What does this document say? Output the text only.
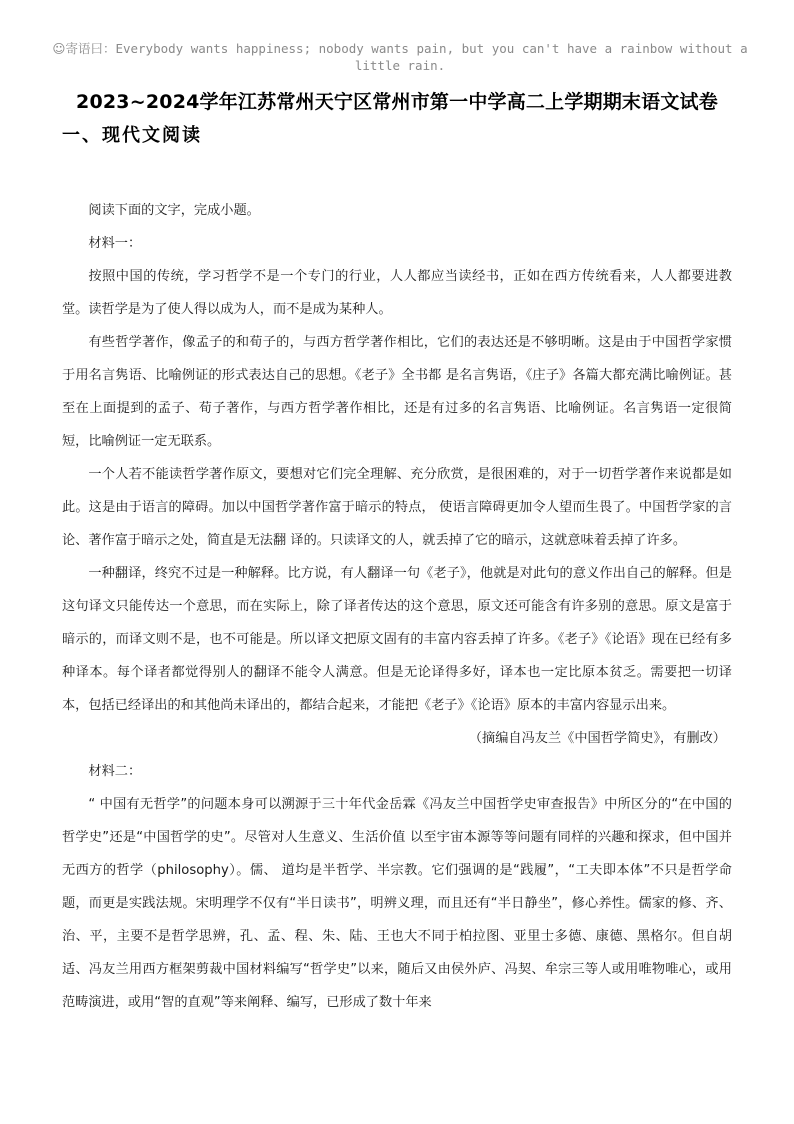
☺寄语曰：Everybody wants happiness; nobody wants pain, but you can't have a rainbow without a little rain.
2023~2024学年江苏常州天宁区常州市第一中学高二上学期期末语文试卷
一、现代文阅读

阅读下面的文字，完成小题。

材料一：

按照中国的传统，学习哲学不是一个专门的行业，人人都应当读经书，正如在西方传统看来，人人都要进教堂。读哲学是为了使人得以成为人，而不是成为某种人。

有些哲学著作，像孟子的和荀子的，与西方哲学著作相比，它们的表达还是不够明晰。这是由于中国哲学家惯于用名言隽语、比喻例证的形式表达自己的思想。《老子》全书都 是名言隽语，《庄子》各篇大都充满比喻例证。甚至在上面提到的孟子、荀子著作，与西方哲学著作相比，还是有过多的名言隽语、比喻例证。名言隽语一定很简短，比喻例证一定无联系。

一个人若不能读哲学著作原文，要想对它们完全理解、充分欣赏，是很困难的，对于一切哲学著作来说都是如此。这是由于语言的障碍。加以中国哲学著作富于暗示的特点， 使语言障碍更加令人望而生畏了。中国哲学家的言论、著作富于暗示之处，简直是无法翻 译的。只读译文的人，就丢掉了它的暗示，这就意味着丢掉了许多。

一种翻译，终究不过是一种解释。比方说，有人翻译一句《老子》，他就是对此句的意义作出自己的解释。但是这句译文只能传达一个意思，而在实际上，除了译者传达的这个意思，原文还可能含有许多别的意思。原文是富于暗示的，而译文则不是，也不可能是。所以译文把原文固有的丰富内容丢掉了许多。《老子》《论语》现在已经有多种译本。每个译者都觉得别人的翻译不能令人满意。但是无论译得多好，译本也一定比原本贫乏。需要把一切译本，包括已经译出的和其他尚未译出的，都结合起来，才能把《老子》《论语》原本的丰富内容显示出来。

（摘编自冯友兰《中国哲学简史》，有删改）

材料二：

“ 中国有无哲学”的问题本身可以溯源于三十年代金岳霖《冯友兰中国哲学史审查报告》中所区分的“在中国的哲学史”还是“中国哲学的史”。尽管对人生意义、生活价值 以至宇宙本源等等问题有同样的兴趣和探求，但中国并无西方的哲学（philosophy）。儒、 道均是半哲学、半宗教。它们强调的是“践履”，“工夫即本体”不只是哲学命题，而更是实践法规。宋明理学不仅有“半日读书”，明辨义理，而且还有“半日静坐”，修心养性。儒家的修、齐、治、平，主要不是哲学思辨，孔、孟、程、朱、陆、王也大不同于柏拉图、亚里士多德、康德、黑格尔。但自胡适、冯友兰用西方框架剪裁中国材料编写“哲学史”以来，随后又由侯外庐、冯契、牟宗三等人或用唯物唯心，或用范畴演进，或用“智的直观”等来阐释、编写，已形成了数十年来
